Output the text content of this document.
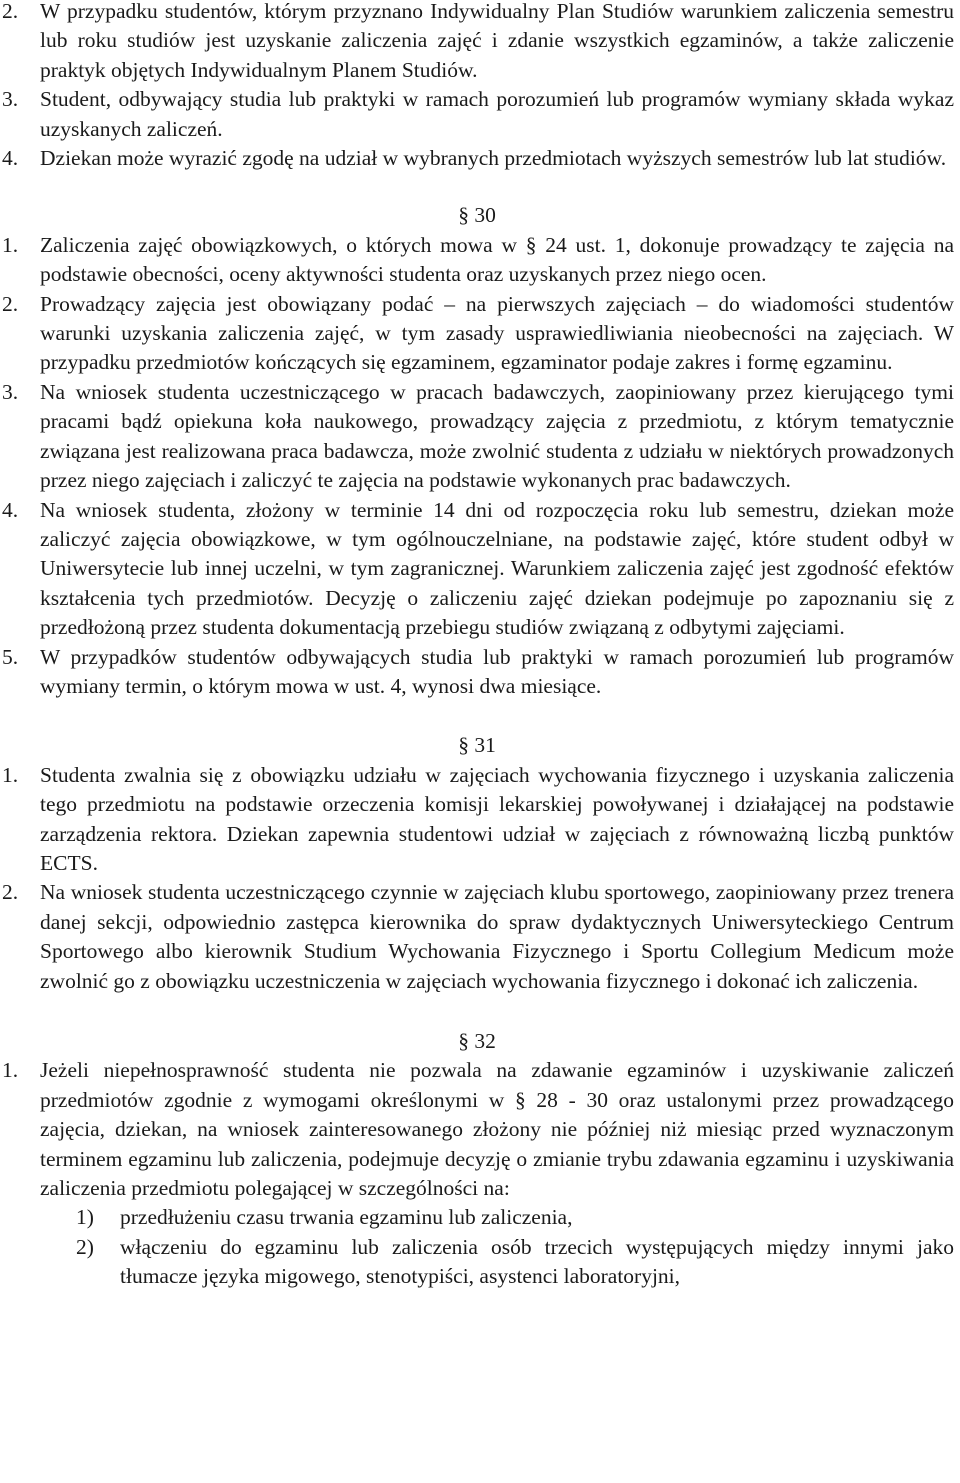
2.	W przypadku studentów, którym przyznano Indywidualny Plan Studiów warunkiem zaliczenia semestru lub roku studiów jest uzyskanie zaliczenia zajęć i zdanie wszystkich egzaminów, a także zaliczenie praktyk objętych Indywidualnym Planem Studiów.
3.	Student, odbywający studia lub praktyki w ramach porozumień lub programów wymiany składa wykaz uzyskanych zaliczeń.
4.	Dziekan może wyrazić zgodę na udział w wybranych przedmiotach wyższych semestrów lub lat studiów.
§ 30
1.	Zaliczenia zajęć obowiązkowych, o których mowa w § 24 ust. 1, dokonuje prowadzący te zajęcia na podstawie obecności, oceny aktywności studenta oraz uzyskanych przez niego ocen.
2.	Prowadzący zajęcia jest obowiązany podać – na pierwszych zajęciach – do wiadomości studentów warunki uzyskania zaliczenia zajęć, w tym zasady usprawiedliwiania nieobecności na zajęciach. W przypadku przedmiotów kończących się egzaminem, egzaminator podaje zakres i formę egzaminu.
3.	Na wniosek studenta uczestniczącego w pracach badawczych, zaopiniowany przez kierującego tymi pracami bądź opiekuna koła naukowego, prowadzący zajęcia z przedmiotu, z którym tematycznie związana jest realizowana praca badawcza, może zwolnić studenta z udziału w niektórych prowadzonych przez niego zajęciach i zaliczyć te zajęcia na podstawie wykonanych prac badawczych.
4.	Na wniosek studenta, złożony w terminie 14 dni od rozpoczęcia roku lub semestru, dziekan może zaliczyć zajęcia obowiązkowe, w tym ogólnouczelniane, na podstawie zajęć, które student odbył w Uniwersytecie lub innej uczelni, w tym zagranicznej. Warunkiem zaliczenia zajęć jest zgodność efektów kształcenia tych przedmiotów. Decyzję o zaliczeniu zajęć dziekan podejmuje po zapoznaniu się z przedłożoną przez studenta dokumentacją przebiegu studiów związaną z odbytymi zajęciami.
5.	W przypadków studentów odbywających studia lub praktyki w ramach porozumień lub programów wymiany termin, o którym mowa w ust. 4, wynosi dwa miesiące.
§ 31
1.	Studenta zwalnia się z obowiązku udziału w zajęciach wychowania fizycznego i uzyskania zaliczenia tego przedmiotu na podstawie orzeczenia komisji lekarskiej powoływanej i działającej na podstawie zarządzenia rektora. Dziekan zapewnia studentowi udział w zajęciach z równoważną liczbą punktów ECTS.
2.	Na wniosek studenta uczestniczącego czynnie w zajęciach klubu sportowego, zaopiniowany przez trenera danej sekcji, odpowiednio zastępca kierownika do spraw dydaktycznych Uniwersyteckiego Centrum Sportowego albo kierownik Studium Wychowania Fizycznego i Sportu Collegium Medicum może zwolnić go z obowiązku uczestniczenia w zajęciach wychowania fizycznego i dokonać ich zaliczenia.
§ 32
1.	Jeżeli niepełnosprawność studenta nie pozwala na zdawanie egzaminów i uzyskiwanie zaliczeń przedmiotów zgodnie z wymogami określonymi w § 28 - 30 oraz ustalonymi przez prowadzącego zajęcia, dziekan, na wniosek zainteresowanego złożony nie później niż miesiąc przed wyznaczonym terminem egzaminu lub zaliczenia, podejmuje decyzję o zmianie trybu zdawania egzaminu i uzyskiwania zaliczenia przedmiotu polegającej w szczególności na:
1)	przedłużeniu czasu trwania egzaminu lub zaliczenia,
2)	włączeniu do egzaminu lub zaliczenia osób trzecich występujących między innymi jako tłumacze języka migowego, stenotypiści, asystenci laboratoryjni,
